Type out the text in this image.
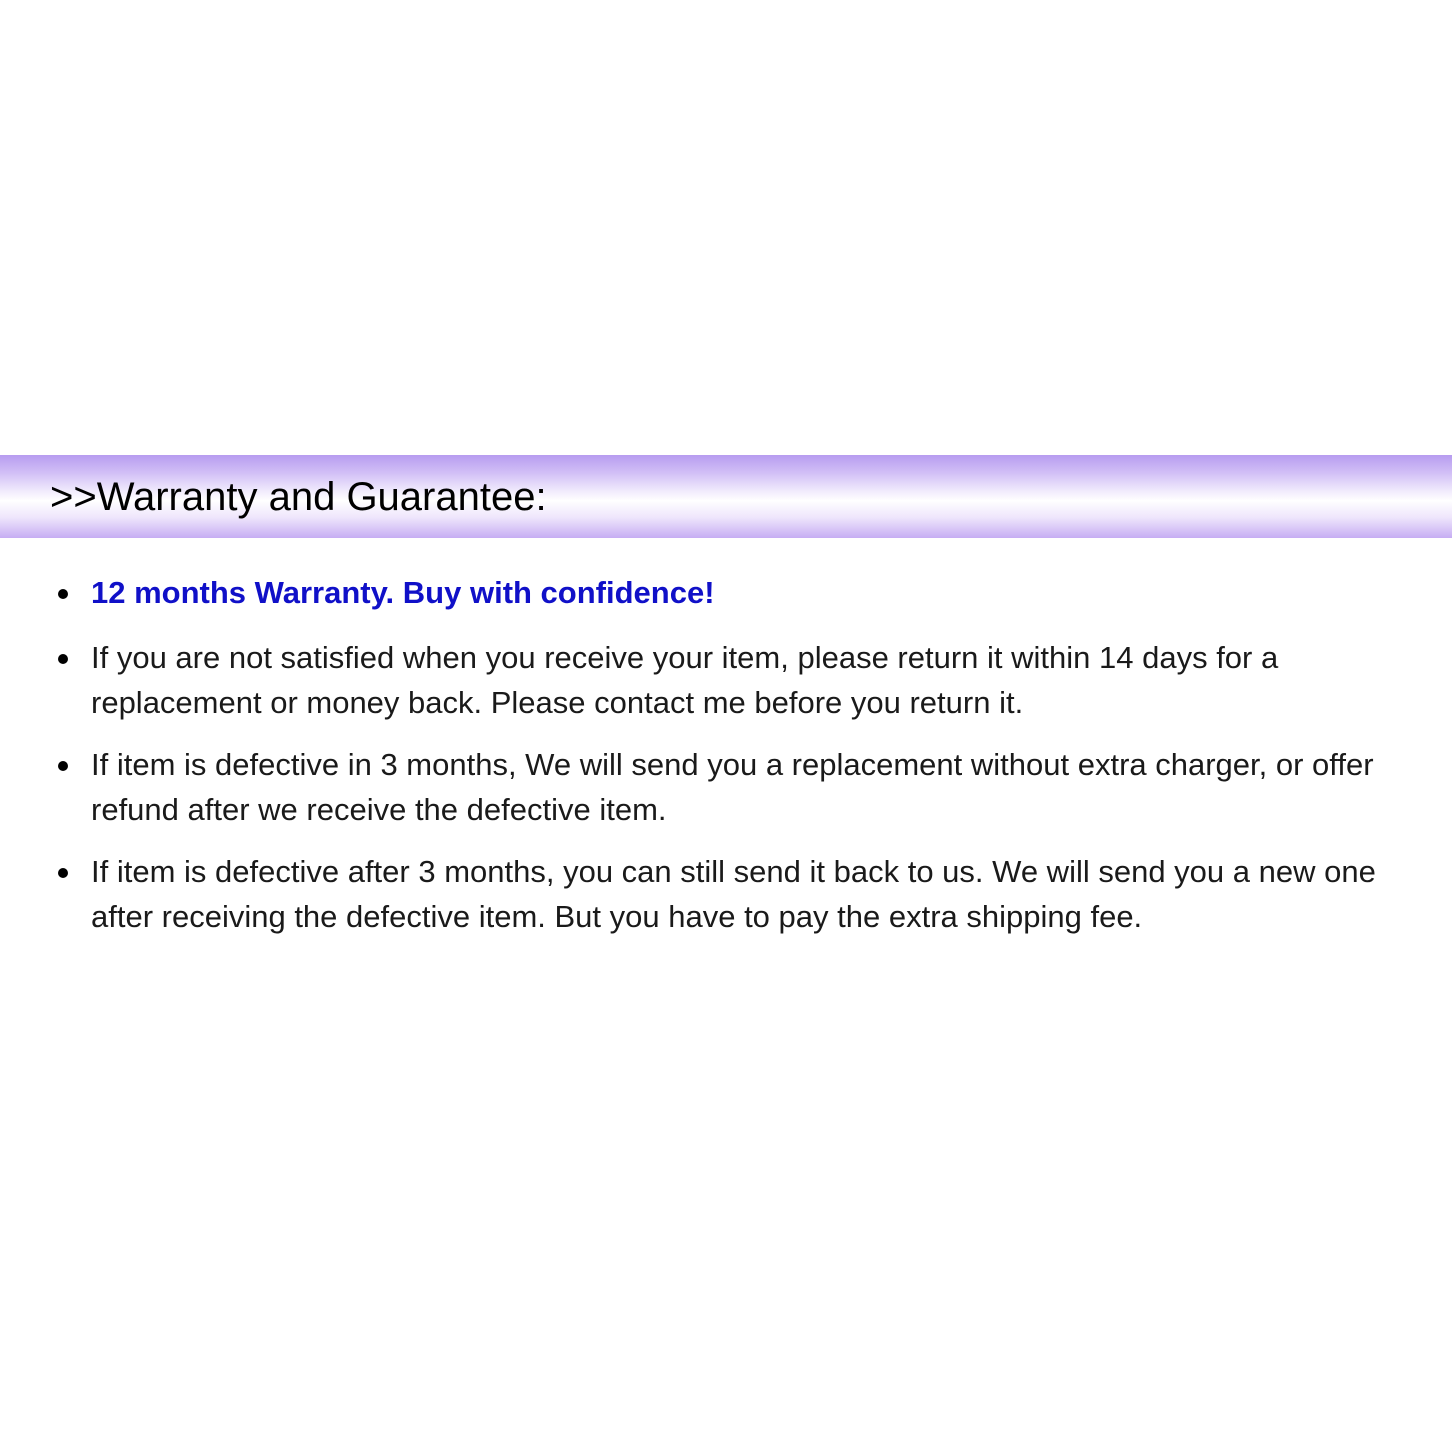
>>Warranty and Guarantee:
12 months Warranty. Buy with confidence!
If you are not satisfied when you receive your item, please return it within 14 days for a replacement or money back. Please contact me before you return it.
If item is defective in 3 months, We will send you a replacement without extra charger, or offer refund after we receive the defective item.
If item is defective after 3 months, you can still send it back to us. We will send you a new one after receiving the defective item. But you have to pay the extra shipping fee.
